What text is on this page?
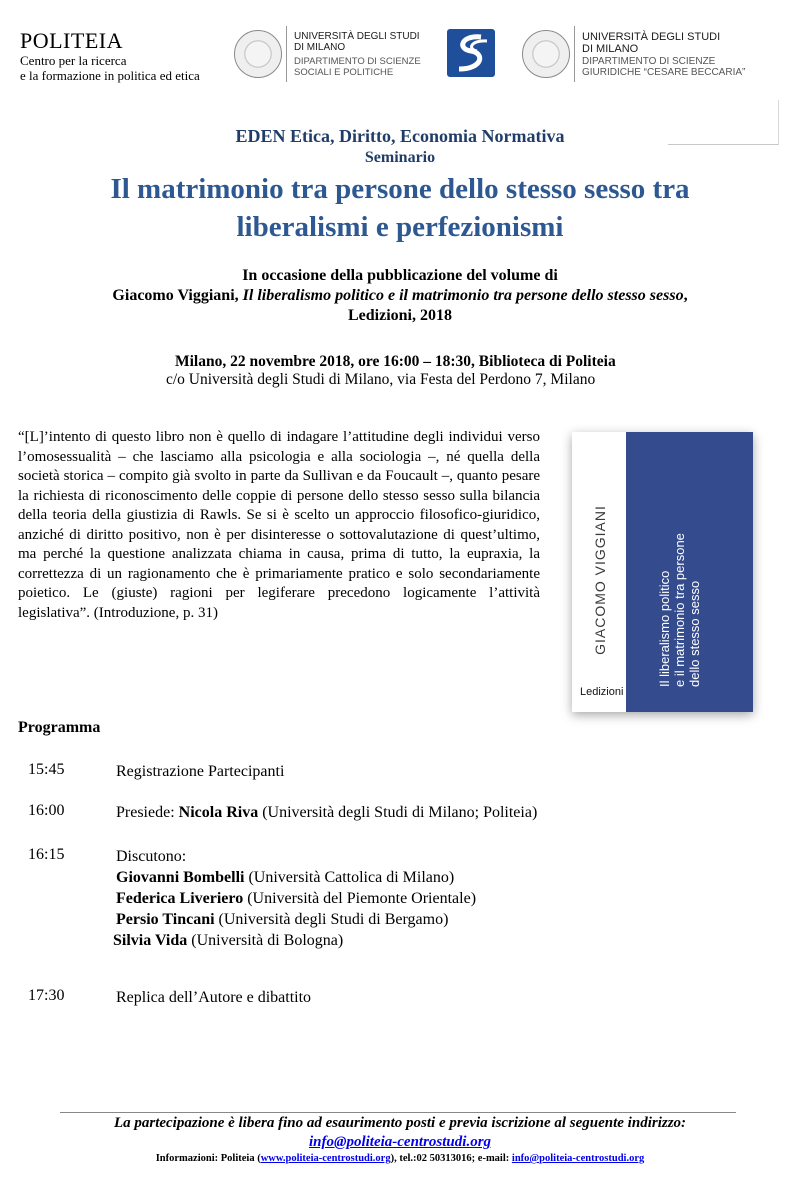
POLITEIA
Centro per la ricerca
e la formazione in politica ed etica
UNIVERSITÀ DEGLI STUDI
DI MILANO
DIPARTIMENTO DI SCIENZE
SOCIALI E POLITICHE
UNIVERSITÀ DEGLI STUDI
DI MILANO
DIPARTIMENTO DI SCIENZE
GIURIDICHE “CESARE BECCARIA”
EDEN Etica, Diritto, Economia Normativa
Seminario
Il matrimonio tra persone dello stesso sesso tra
liberalismi e perfezionismi
In occasione della pubblicazione del volume di
Giacomo Viggiani, Il liberalismo politico e il matrimonio tra persone dello stesso sesso,
Ledizioni, 2018
Milano, 22 novembre 2018, ore 16:00 – 18:30, Biblioteca di Politeia
c/o Università degli Studi di Milano, via Festa del Perdono 7, Milano
“[L]’intento di questo libro non è quello di indagare l’attitudine degli individui verso l’omosessualità – che lasciamo alla psicologia e alla sociologia –, né quella della società storica – compito già svolto in parte da Sullivan e da Foucault –, quanto pesare la richiesta di riconoscimento delle coppie di persone dello stesso sesso sulla bilancia della teoria della giustizia di Rawls. Se si è scelto un approccio filosofico-giuridico, anziché di diritto positivo, non è per disinteresse o sottovalutazione di quest’ultimo, ma perché la questione analizzata chiama in causa, prima di tutto, la eupraxia, la correttezza di un ragionamento che è primariamente pratico e solo secondariamente poietico. Le (giuste) ragioni per legiferare precedono logicamente l’attività legislativa”. (Introduzione, p. 31)	GIACOMO VIGGIANI	Il liberalismo politico e il matrimonio tra persone dello stesso sesso
Ledizioni
Programma
15:45	Registrazione Partecipanti
16:00	Presiede: Nicola Riva (Università degli Studi di Milano; Politeia)
16:15	Discutono:
Giovanni Bombelli (Università Cattolica di Milano)
Federica Liveriero (Università del Piemonte Orientale)
Persio Tincani (Università degli Studi di Bergamo)
Silvia Vida (Università di Bologna)
17:30	Replica dell’Autore e dibattito
La partecipazione è libera fino ad esaurimento posti e previa iscrizione al seguente indirizzo:
info@politeia-centrostudi.org
Informazioni: Politeia (www.politeia-centrostudi.org), tel.:02 50313016; e-mail: info@politeia-centrostudi.org
